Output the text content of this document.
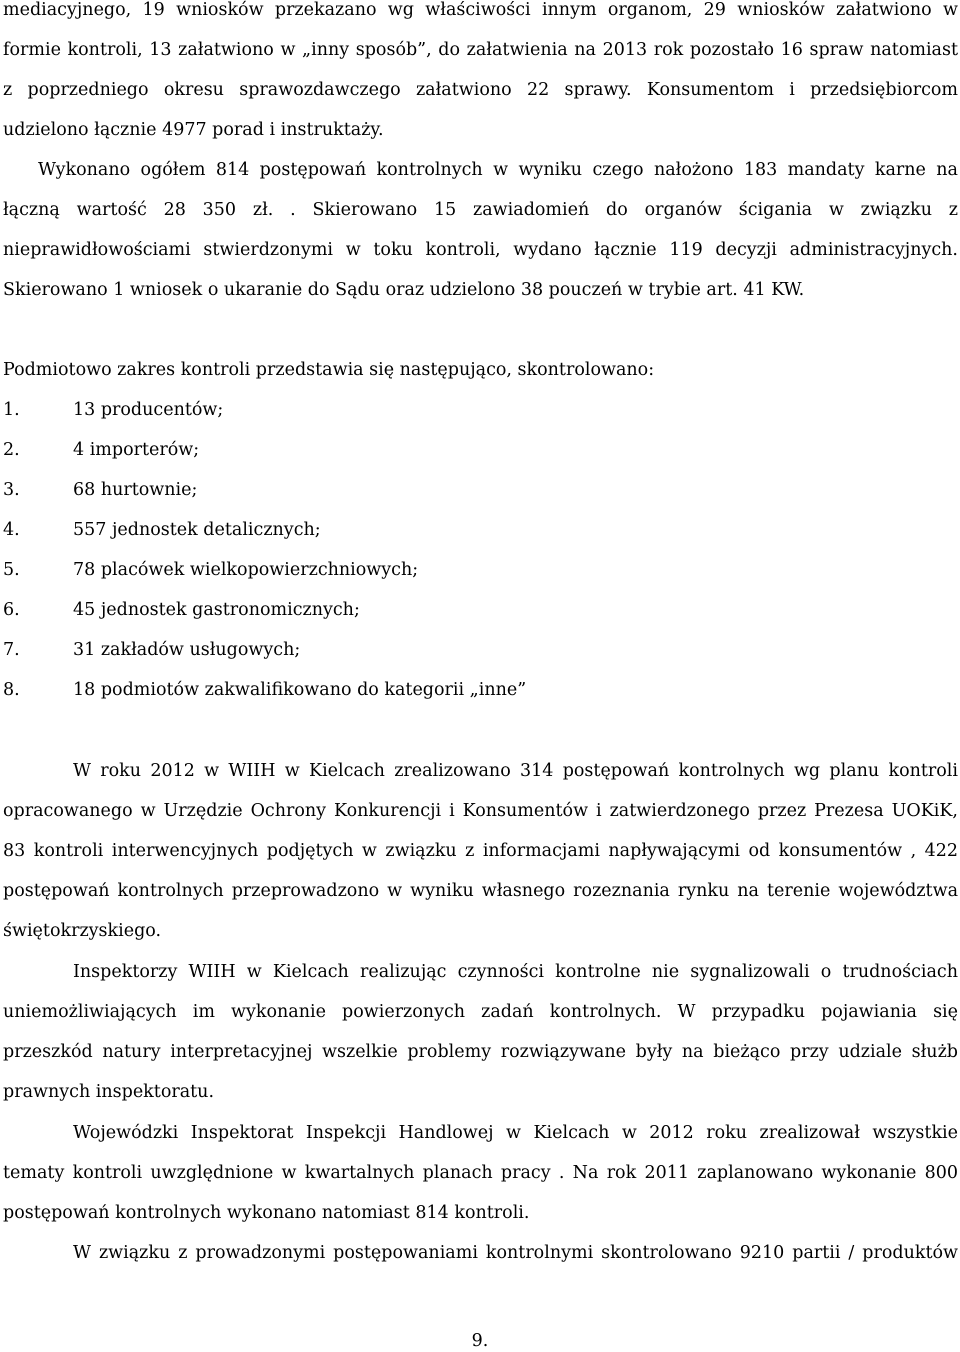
mediacyjnego, 19 wniosków przekazano wg właściwości innym organom, 29 wniosków załatwiono w
formie kontroli, 13 załatwiono w „inny sposób”, do załatwienia na 2013 rok pozostało 16 spraw natomiast
z poprzedniego okresu sprawozdawczego załatwiono 22 sprawy. Konsumentom i przedsiębiorcom
udzielono łącznie 4977 porad i instruktaży.
Wykonano ogółem 814 postępowań kontrolnych w wyniku czego nałożono 183 mandaty karne na
łączną wartość 28 350 zł. . Skierowano 15 zawiadomień do organów ścigania w związku z
nieprawidłowościami stwierdzonymi w toku kontroli, wydano łącznie 119 decyzji administracyjnych.
Skierowano 1 wniosek o ukaranie do Sądu oraz udzielono 38 pouczeń w trybie art. 41 KW.
Podmiotowo zakres kontroli przedstawia się następująco, skontrolowano:
1.	13 producentów;
2.	4 importerów;
3.	68 hurtownie;
4.	557 jednostek detalicznych;
5.	78 placówek wielkopowierzchniowych;
6.	45 jednostek gastronomicznych;
7.	31 zakładów usługowych;
8.	18 podmiotów zakwalifikowano do kategorii „inne”
W roku 2012 w WIIH w Kielcach zrealizowano 314 postępowań kontrolnych wg planu kontroli
opracowanego w Urzędzie Ochrony Konkurencji i Konsumentów i zatwierdzonego przez Prezesa UOKiK,
83 kontroli interwencyjnych podjętych w związku z informacjami napływającymi od konsumentów , 422
postępowań kontrolnych przeprowadzono w wyniku własnego rozeznania rynku na terenie województwa
świętokrzyskiego.
Inspektorzy WIIH w Kielcach realizując czynności kontrolne nie sygnalizowali o trudnościach
uniemożliwiających im wykonanie powierzonych zadań kontrolnych. W przypadku pojawiania się
przeszkód natury interpretacyjnej wszelkie problemy rozwiązywane były na bieżąco przy udziale służb
prawnych inspektoratu.
Wojewódzki Inspektorat Inspekcji Handlowej w Kielcach w 2012 roku zrealizował wszystkie
tematy kontroli uwzględnione w kwartalnych planach pracy . Na rok 2011 zaplanowano wykonanie 800
postępowań kontrolnych wykonano natomiast 814 kontroli.
W związku z prowadzonymi postępowaniami kontrolnymi skontrolowano 9210 partii / produktów
9.
